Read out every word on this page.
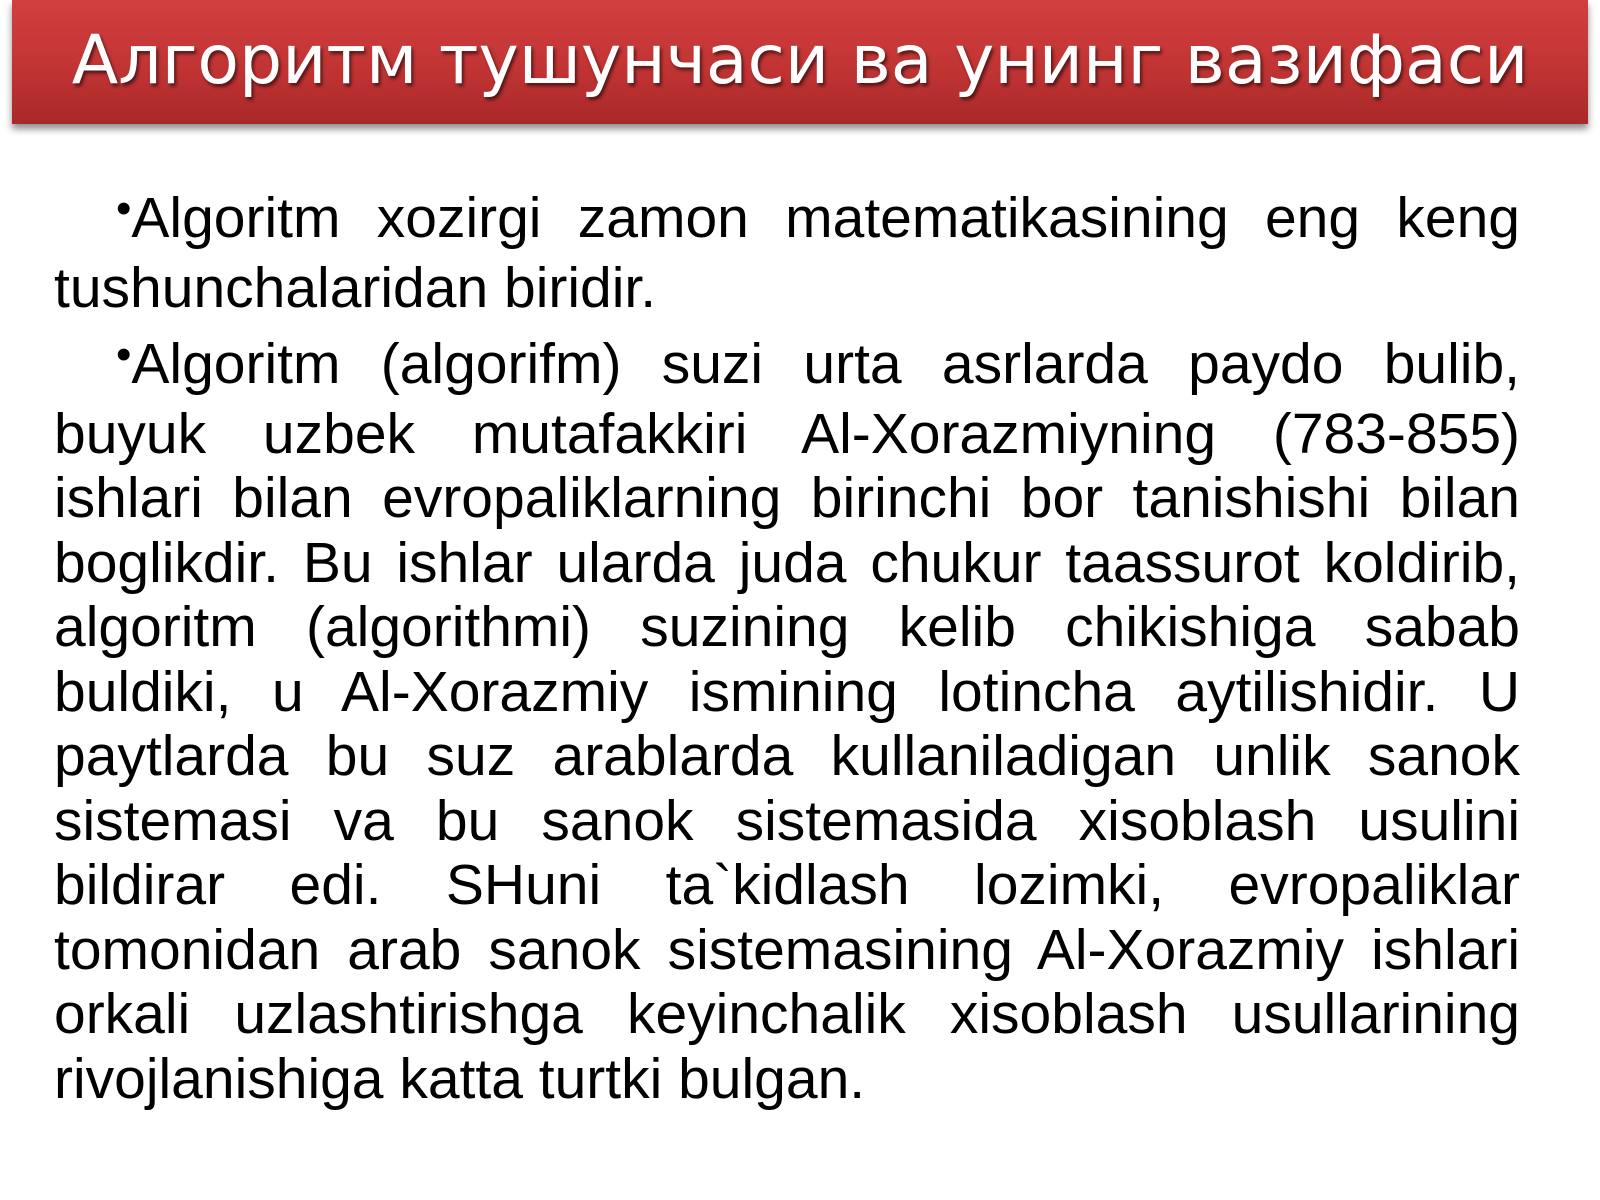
Алгоритм тушунчаси ва унинг вазифаси

•Algoritm xozirgi zamon matematikasining eng keng tushunchalaridan biridir.

•Algoritm (algorifm) suzi urta asrlarda paydo bulib, buyuk uzbek mutafakkiri Al-Xorazmiyning (783-855) ishlari bilan evropaliklarning birinchi bor tanishishi bilan boglikdir. Bu ishlar ularda juda chukur taassurot koldirib, algoritm (algorithmi) suzining kelib chikishiga sabab buldiki, u Al-Xorazmiy ismining lotincha aytilishidir. U paytlarda bu suz arablarda kullaniladigan unlik sanok sistemasi va bu sanok sistemasida xisoblash usulini bildirar edi. SHuni ta`kidlash lozimki, evropaliklar tomonidan arab sanok sistemasining Al-Xorazmiy ishlari orkali uzlashtirishga keyinchalik xisoblash usullarining rivojlanishiga katta turtki bulgan.
